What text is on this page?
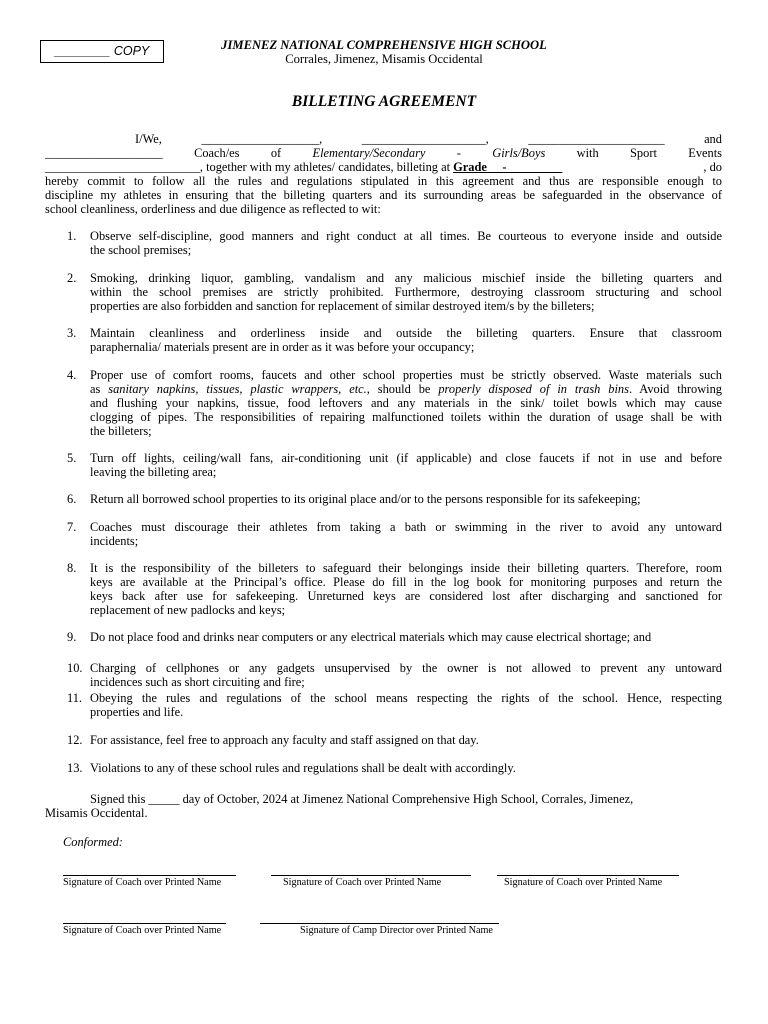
________ COPY	JIMENEZ NATIONAL COMPREHENSIVE HIGH SCHOOL
Corrales, Jimenez, Misamis Occidental
BILLETING AGREEMENT
I/We,	___________________,	____________________,	______________________	and
___________________	Coach/es	of	Elementary/Secondary	-	Girls/Boys	with	Sport	Events
_________________________, together with my athletes/ candidates, billeting at Grade __-_________	, do
hereby commit to follow all the rules and regulations stipulated in this agreement and thus are responsible enough to
discipline my athletes in ensuring that the billeting quarters and its surrounding areas be safeguarded in the observance of
school cleanliness, orderliness and due diligence as reflected to wit:
1.	Observe self-discipline, good manners and right conduct at all times. Be courteous to everyone inside and outside
the school premises;
2.	Smoking, drinking liquor, gambling, vandalism and any malicious mischief inside the billeting quarters and
within the school premises are strictly prohibited. Furthermore, destroying classroom structuring and school
properties are also forbidden and sanction for replacement of similar destroyed item/s by the billeters;
3.	Maintain cleanliness and orderliness inside and outside the billeting quarters. Ensure that classroom
paraphernalia/ materials present are in order as it was before your occupancy;
4.	Proper use of comfort rooms, faucets and other school properties must be strictly observed. Waste materials such
as sanitary napkins, tissues, plastic wrappers, etc., should be properly disposed of in trash bins. Avoid throwing
and flushing your napkins, tissue, food leftovers and any materials in the sink/ toilet bowls which may cause
clogging of pipes. The responsibilities of repairing malfunctioned toilets within the duration of usage shall be with
the billeters;
5.	Turn off lights, ceiling/wall fans, air-conditioning unit (if applicable) and close faucets if not in use and before
leaving the billeting area;
6.	Return all borrowed school properties to its original place and/or to the persons responsible for its safekeeping;
7.	Coaches must discourage their athletes from taking a bath or swimming in the river to avoid any untoward
incidents;
8.	It is the responsibility of the billeters to safeguard their belongings inside their billeting quarters. Therefore, room
keys are available at the Principal’s office. Please do fill in the log book for monitoring purposes and return the
keys back after use for safekeeping. Unreturned keys are considered lost after discharging and sanctioned for
replacement of new padlocks and keys;
9.	Do not place food and drinks near computers or any electrical materials which may cause electrical shortage; and
10. Charging of cellphones or any gadgets unsupervised by the owner is not allowed to prevent any untoward
incidences such as short circuiting and fire;
11. Obeying the rules and regulations of the school means respecting the rights of the school. Hence, respecting
properties and life.
12. For assistance, feel free to approach any faculty and staff assigned on that day.
13. Violations to any of these school rules and regulations shall be dealt with accordingly.
Signed this _____ day of October, 2024 at Jimenez National Comprehensive High School, Corrales, Jimenez,
Misamis Occidental.
Conformed:
Signature of Coach over Printed Name	Signature of Coach over Printed Name	Signature of Coach over Printed Name
Signature of Coach over Printed Name	Signature of Camp Director over Printed Name
